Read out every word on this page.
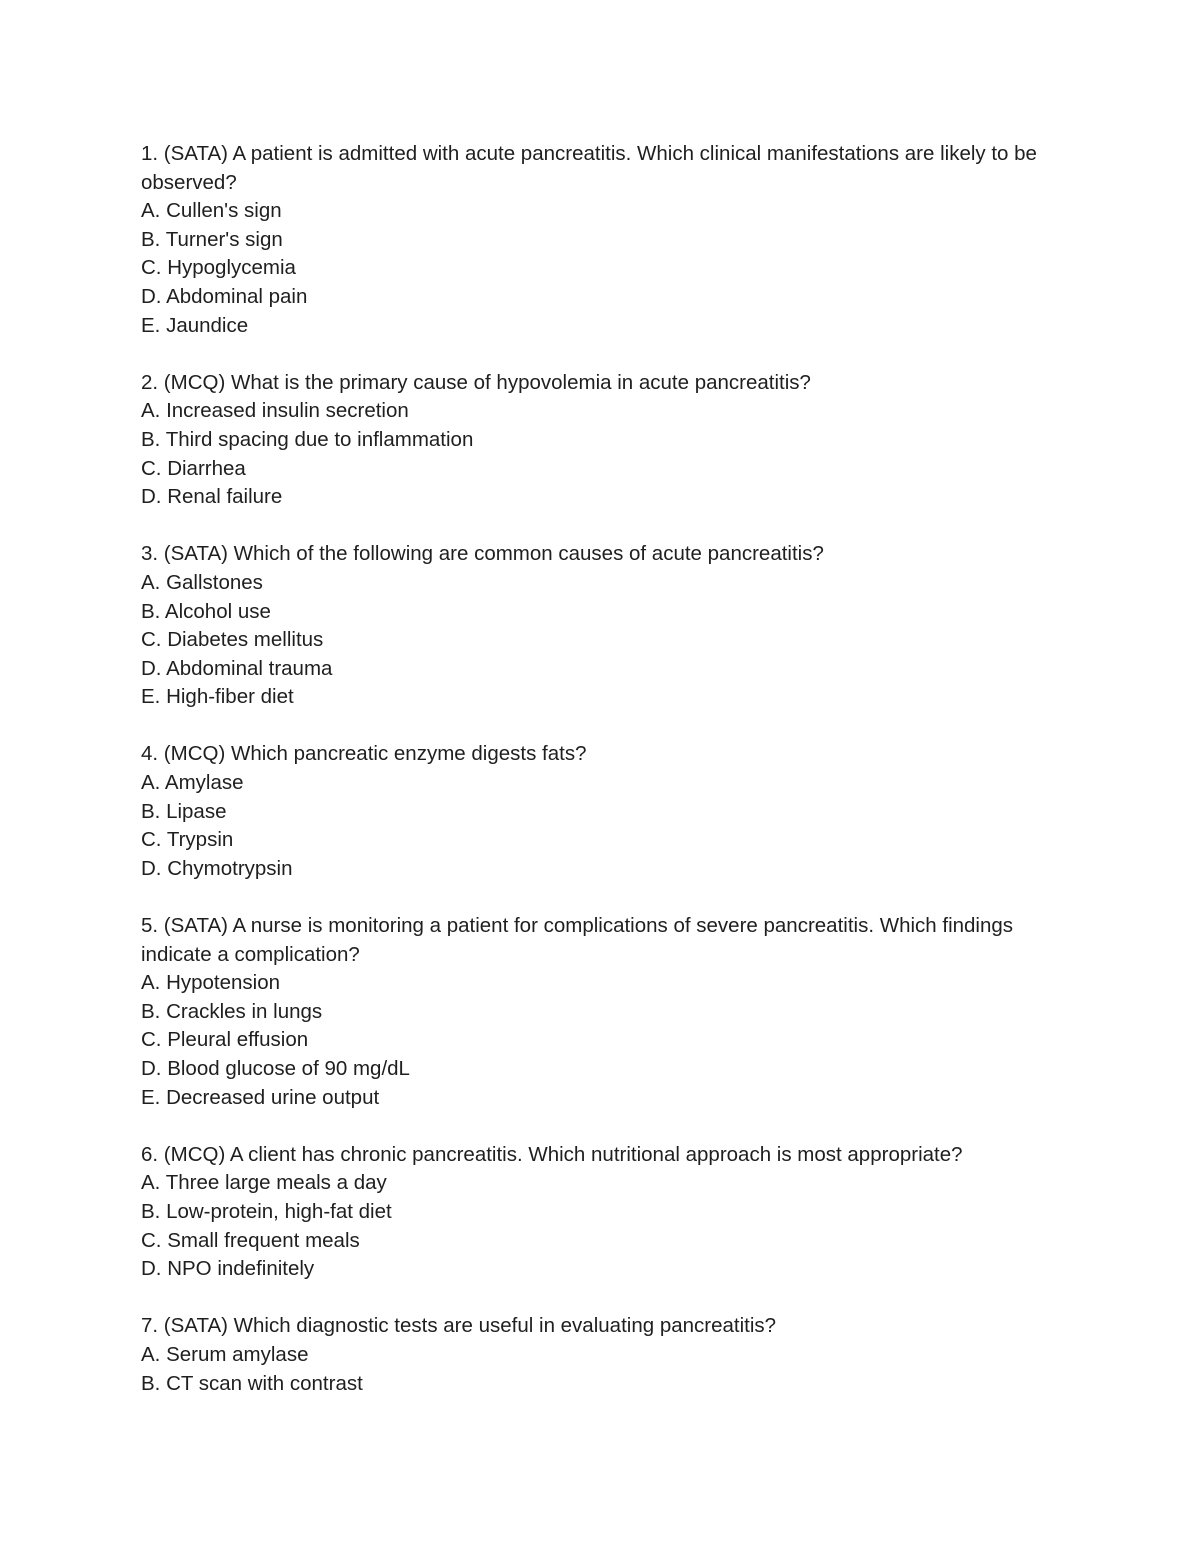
1. (SATA) A patient is admitted with acute pancreatitis. Which clinical manifestations are likely to be observed?

A. Cullen's sign

B. Turner's sign

C. Hypoglycemia

D. Abdominal pain

E. Jaundice

2. (MCQ) What is the primary cause of hypovolemia in acute pancreatitis?

A. Increased insulin secretion

B. Third spacing due to inflammation

C. Diarrhea

D. Renal failure

3. (SATA) Which of the following are common causes of acute pancreatitis?

A. Gallstones

B. Alcohol use

C. Diabetes mellitus

D. Abdominal trauma

E. High-fiber diet

4. (MCQ) Which pancreatic enzyme digests fats?

A. Amylase

B. Lipase

C. Trypsin

D. Chymotrypsin

5. (SATA) A nurse is monitoring a patient for complications of severe pancreatitis. Which findings indicate a complication?

A. Hypotension

B. Crackles in lungs

C. Pleural effusion

D. Blood glucose of 90 mg/dL

E. Decreased urine output

6. (MCQ) A client has chronic pancreatitis. Which nutritional approach is most appropriate?

A. Three large meals a day

B. Low-protein, high-fat diet

C. Small frequent meals

D. NPO indefinitely

7. (SATA) Which diagnostic tests are useful in evaluating pancreatitis?

A. Serum amylase

B. CT scan with contrast
